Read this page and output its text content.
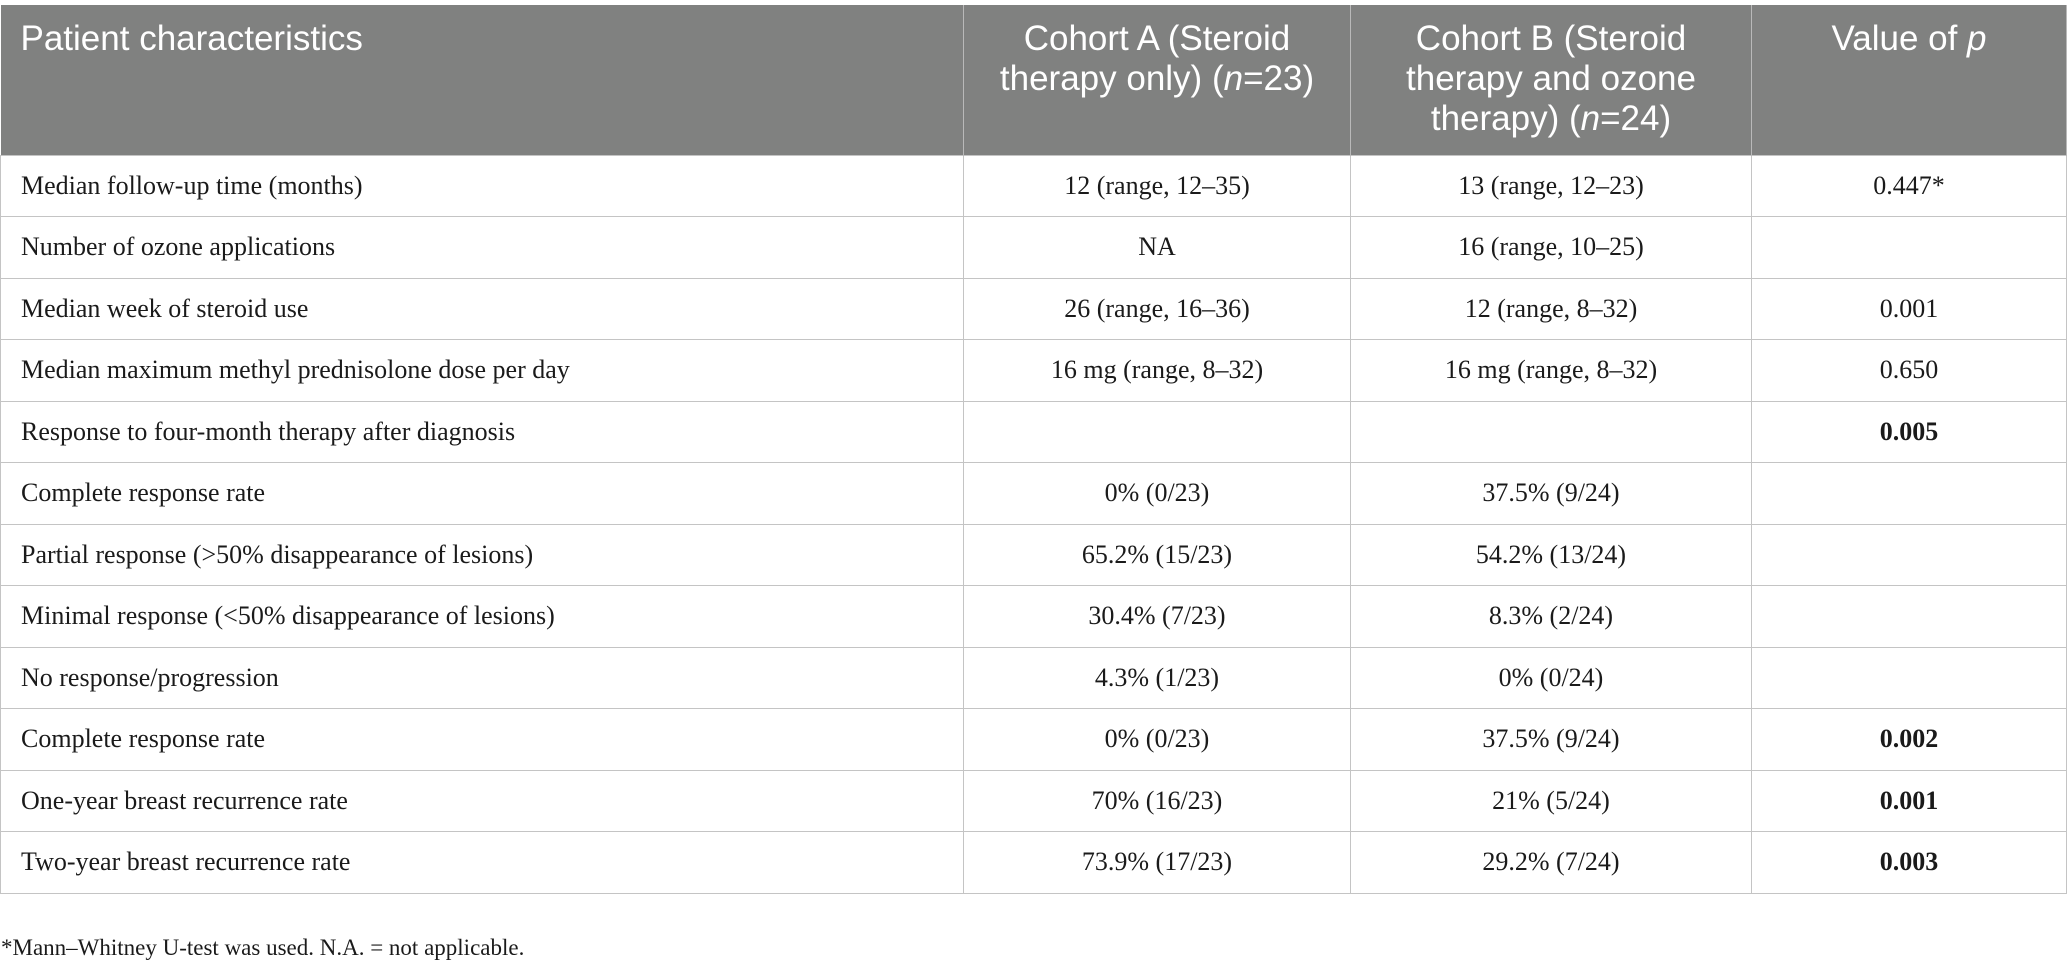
Patient characteristics	Cohort A (Steroid therapy only) (n=23)	Cohort B (Steroid therapy and ozone therapy) (n=24)	Value of p
Median follow-up time (months)	12 (range, 12–35)	13 (range, 12–23)	0.447*
Number of ozone applications	NA	16 (range, 10–25)	
Median week of steroid use	26 (range, 16–36)	12 (range, 8–32)	0.001
Median maximum methyl prednisolone dose per day	16 mg (range, 8–32)	16 mg (range, 8–32)	0.650
Response to four-month therapy after diagnosis			0.005
Complete response rate	0% (0/23)	37.5% (9/24)	
Partial response (>50% disappearance of lesions)	65.2% (15/23)	54.2% (13/24)	
Minimal response (<50% disappearance of lesions)	30.4% (7/23)	8.3% (2/24)	
No response/progression	4.3% (1/23)	0% (0/24)	
Complete response rate	0% (0/23)	37.5% (9/24)	0.002
One-year breast recurrence rate	70% (16/23)	21% (5/24)	0.001
Two-year breast recurrence rate	73.9% (17/23)	29.2% (7/24)	0.003
*Mann–Whitney U-test was used. N.A. = not applicable.
